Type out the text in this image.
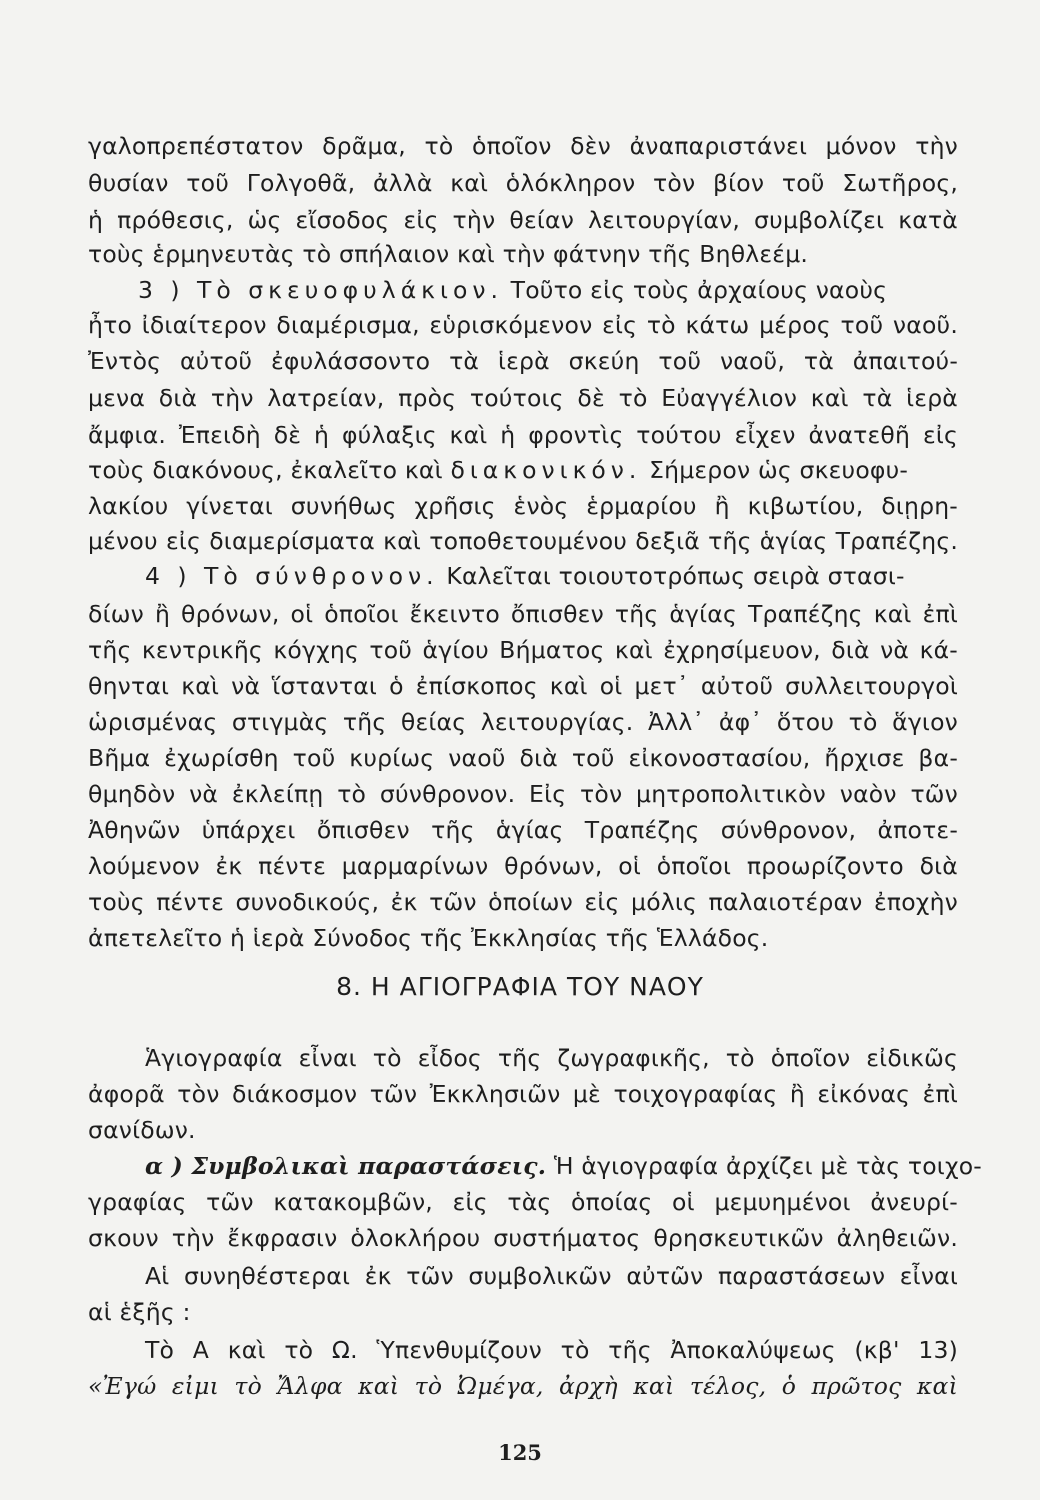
γαλοπρεπέστατον δρᾶμα, τὸ ὁποῖον δὲν ἀναπαριστάνει μόνον τὴν
θυσίαν τοῦ Γολγοθᾶ, ἀλλὰ καὶ ὁλόκληρον τὸν βίον τοῦ Σωτῆρος,
ἡ πρόθεσις, ὡς εἴσοδος εἰς τὴν θείαν λειτουργίαν, συμβολίζει κατὰ
τοὺς ἑρμηνευτὰς τὸ σπήλαιον καὶ τὴν φάτνην τῆς Βηθλεέμ.
3 ) Τὸ σκευοφυλάκιον. Τοῦτο εἰς τοὺς ἀρχαίους ναοὺς
ἦτο ἰδιαίτερον διαμέρισμα, εὑρισκόμενον εἰς τὸ κάτω μέρος τοῦ ναοῦ.
Ἐντὸς αὐτοῦ ἐφυλάσσοντο τὰ ἱερὰ σκεύη τοῦ ναοῦ, τὰ ἀπαιτού-
μενα διὰ τὴν λατρείαν, πρὸς τούτοις δὲ τὸ Εὐαγγέλιον καὶ τὰ ἱερὰ
ἄμφια. Ἐπειδὴ δὲ ἡ φύλαξις καὶ ἡ φροντὶς τούτου εἶχεν ἀνατεθῆ εἰς
τοὺς διακόνους, ἐκαλεῖτο καὶ διακονικόν. Σήμερον ὡς σκευοφυ-
λακίου γίνεται συνήθως χρῆσις ἑνὸς ἑρμαρίου ἢ κιβωτίου, διῃρη-
μένου εἰς διαμερίσματα καὶ τοποθετουμένου δεξιᾶ τῆς ἁγίας Τραπέζης.
4 ) Τὸ σύνθρονον. Καλεῖται τοιουτοτρόπως σειρὰ στασι-
δίων ἢ θρόνων, οἱ ὁποῖοι ἔκειντο ὄπισθεν τῆς ἁγίας Τραπέζης καὶ ἐπὶ
τῆς κεντρικῆς κόγχης τοῦ ἁγίου Βήματος καὶ ἐχρησίμευον, διὰ νὰ κά-
θηνται καὶ νὰ ἵστανται ὁ ἐπίσκοπος καὶ οἱ μετ᾽ αὐτοῦ συλλειτουργοὶ
ὡρισμένας στιγμὰς τῆς θείας λειτουργίας. Ἀλλ᾽ ἀφ᾽ ὅτου τὸ ἅγιον
Βῆμα ἐχωρίσθη τοῦ κυρίως ναοῦ διὰ τοῦ εἰκονοστασίου, ἤρχισε βα-
θμηδὸν νὰ ἐκλείπῃ τὸ σύνθρονον. Εἰς τὸν μητροπολιτικὸν ναὸν τῶν
Ἀθηνῶν ὑπάρχει ὄπισθεν τῆς ἁγίας Τραπέζης σύνθρονον, ἀποτε-
λούμενον ἐκ πέντε μαρμαρίνων θρόνων, οἱ ὁποῖοι προωρίζοντο διὰ
τοὺς πέντε συνοδικούς, ἐκ τῶν ὁποίων εἰς μόλις παλαιοτέραν ἐποχὴν
ἀπετελεῖτο ἡ ἱερὰ Σύνοδος τῆς Ἐκκλησίας τῆς Ἑλλάδος.
8. Η ΑΓΙΟΓΡΑΦΙΑ ΤΟΥ ΝΑΟΥ
Ἁγιογραφία εἶναι τὸ εἶδος τῆς ζωγραφικῆς, τὸ ὁποῖον εἰδικῶς
ἀφορᾶ τὸν διάκοσμον τῶν Ἐκκλησιῶν μὲ τοιχογραφίας ἢ εἰκόνας ἐπὶ
σανίδων.
α ) Συμβολικαὶ παραστάσεις. Ἡ ἁγιογραφία ἀρχίζει μὲ τὰς τοιχο-
γραφίας τῶν κατακομβῶν, εἰς τὰς ὁποίας οἱ μεμυημένοι ἀνευρί-
σκουν τὴν ἔκφρασιν ὁλοκλήρου συστήματος θρησκευτικῶν ἀληθειῶν.
Αἱ συνηθέστεραι ἐκ τῶν συμβολικῶν αὐτῶν παραστάσεων εἶναι
αἱ ἑξῆς :
Τὸ Α καὶ τὸ Ω. Ὑπενθυμίζουν τὸ τῆς Ἀποκαλύψεως (κβ' 13)
«Ἐγώ εἰμι τὸ Ἄλφα καὶ τὸ Ὠμέγα, ἀρχὴ καὶ τέλος, ὁ πρῶτος καὶ
125
